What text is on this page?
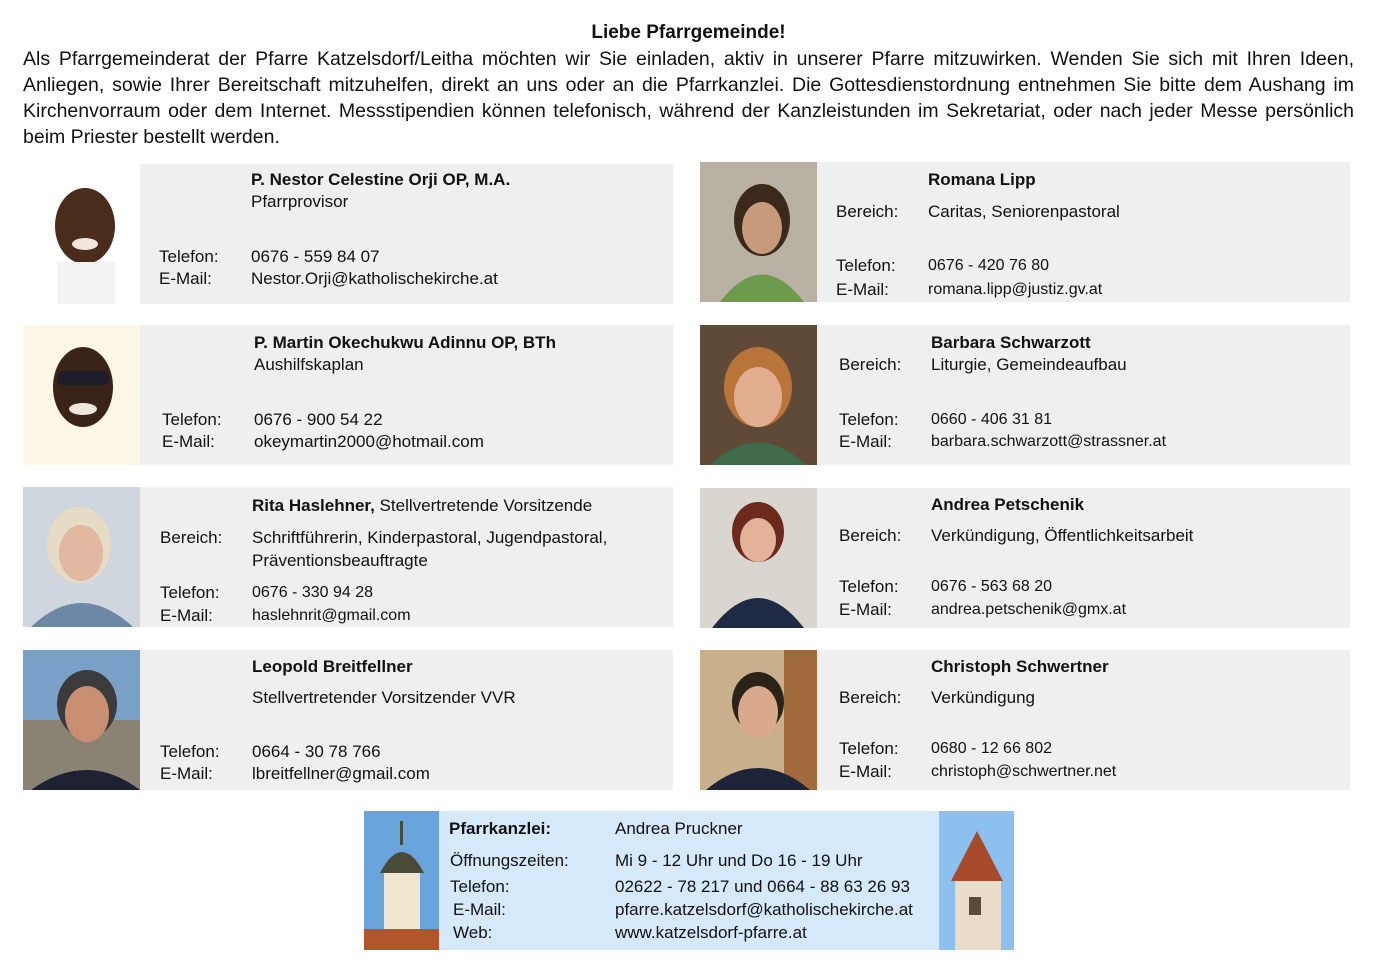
Liebe Pfarrgemeinde!
Als Pfarrgemeinderat der Pfarre Katzelsdorf/Leitha möchten wir Sie einladen, aktiv in unserer Pfarre mitzuwirken. Wenden Sie sich mit Ihren Ideen, Anliegen, sowie Ihrer Bereitschaft mitzuhelfen, direkt an uns oder an die Pfarrkanzlei. Die Gottesdienstordnung entnehmen Sie bitte dem Aushang im Kirchenvorraum oder dem Internet. Messstipendien können telefonisch, während der Kanzleistunden im Sekretariat, oder nach jeder Messe persönlich beim Priester bestellt werden.
P. Nestor Celestine Orji OP, M.A.
Pfarrprovisor
Telefon: 0676 - 559 84 07
E-Mail: Nestor.Orji@katholischekirche.at
Romana Lipp
Bereich: Caritas, Seniorenpastoral
Telefon: 0676 - 420 76 80
E-Mail: romana.lipp@justiz.gv.at
P. Martin Okechukwu Adinnu OP, BTh
Aushilfskaplan
Telefon: 0676 - 900 54 22
E-Mail: okeymartin2000@hotmail.com
Barbara Schwarzott
Bereich: Liturgie, Gemeindeaufbau
Telefon: 0660 - 406 31 81
E-Mail: barbara.schwarzott@strassner.at
Rita Haslehner, Stellvertretende Vorsitzende
Bereich: Schriftführerin, Kinderpastoral, Jugendpastoral,
Präventionsbeauftragte
Telefon: 0676 - 330 94 28
E-Mail: haslehnrit@gmail.com
Andrea Petschenik
Bereich: Verkündigung, Öffentlichkeitsarbeit
Telefon: 0676 - 563 68 20
E-Mail: andrea.petschenik@gmx.at
Leopold Breitfellner
Stellvertretender Vorsitzender VVR
Telefon: 0664 - 30 78 766
E-Mail: lbreitfellner@gmail.com
Christoph Schwertner
Bereich: Verkündigung
Telefon: 0680 - 12 66 802
E-Mail: christoph@schwertner.net
Pfarrkanzlei:	Andrea Pruckner
Öffnungszeiten:	Mi 9 - 12 Uhr und Do 16 - 19 Uhr
Telefon:	02622 - 78 217 und 0664 - 88 63 26 93
E-Mail:	pfarre.katzelsdorf@katholischekirche.at
Web:	www.katzelsdorf-pfarre.at
